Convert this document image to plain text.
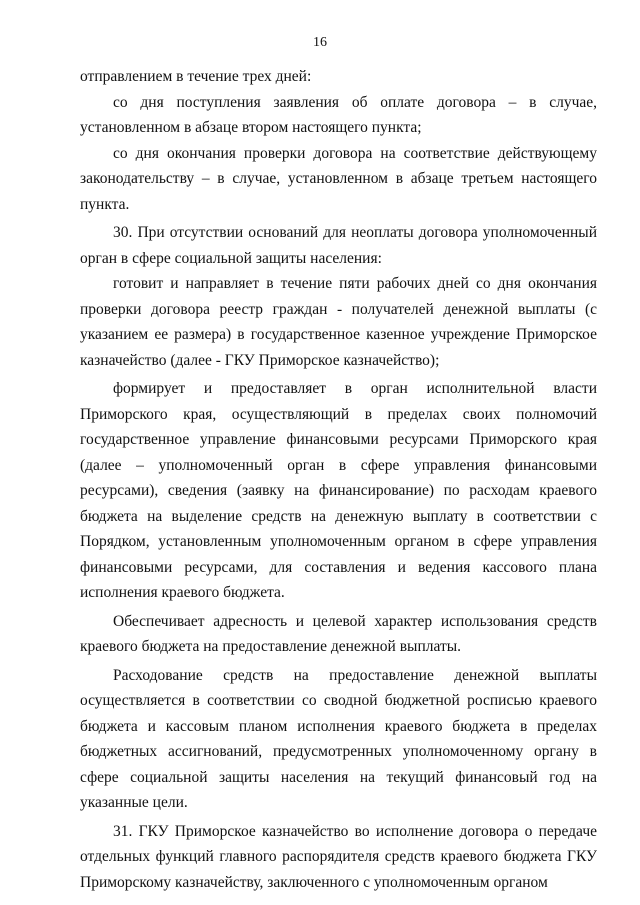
16

отправлением в течение трех дней:

со дня поступления заявления об оплате договора – в случае, установленном в абзаце втором настоящего пункта;

со дня окончания проверки договора на соответствие действующему законодательству – в случае, установленном в абзаце третьем настоящего пункта.

30. При отсутствии оснований для неоплаты договора уполномоченный орган в сфере социальной защиты населения:

готовит и направляет в течение пяти рабочих дней со дня окончания проверки договора реестр граждан - получателей денежной выплаты (с указанием ее размера) в государственное казенное учреждение Приморское казначейство (далее - ГКУ Приморское казначейство);

формирует и предоставляет в орган исполнительной власти Приморского края, осуществляющий в пределах своих полномочий государственное управление финансовыми ресурсами Приморского края (далее – уполномоченный орган в сфере управления финансовыми ресурсами), сведения (заявку на финансирование) по расходам краевого бюджета на выделение средств на денежную выплату в соответствии с Порядком, установленным уполномоченным органом в сфере управления финансовыми ресурсами, для составления и ведения кассового плана исполнения краевого бюджета.

Обеспечивает адресность и целевой характер использования средств краевого бюджета на предоставление денежной выплаты.

Расходование средств на предоставление денежной выплаты осуществляется в соответствии со сводной бюджетной росписью краевого бюджета и кассовым планом исполнения краевого бюджета в пределах бюджетных ассигнований, предусмотренных уполномоченному органу в сфере социальной защиты населения на текущий финансовый год на указанные цели.

31. ГКУ Приморское казначейство во исполнение договора о передаче отдельных функций главного распорядителя средств краевого бюджета ГКУ Приморскому казначейству, заключенного с уполномоченным органом
